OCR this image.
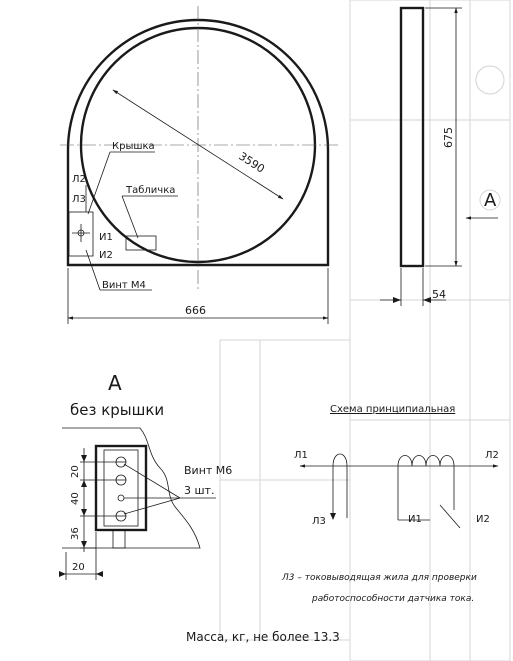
3590
Крышка
Табличка
Л2
Л3
И1
И2
Винт М4
666
675
54
A
A
без крышки
20
40
36
20
Винт М6
3 шт.
Схема принципиальная
Л1	Л2
Л3	И1	И2
Л3 – токовыводящая жила для проверки
работоспособности датчика тока.
Масса, кг, не более 13.3
